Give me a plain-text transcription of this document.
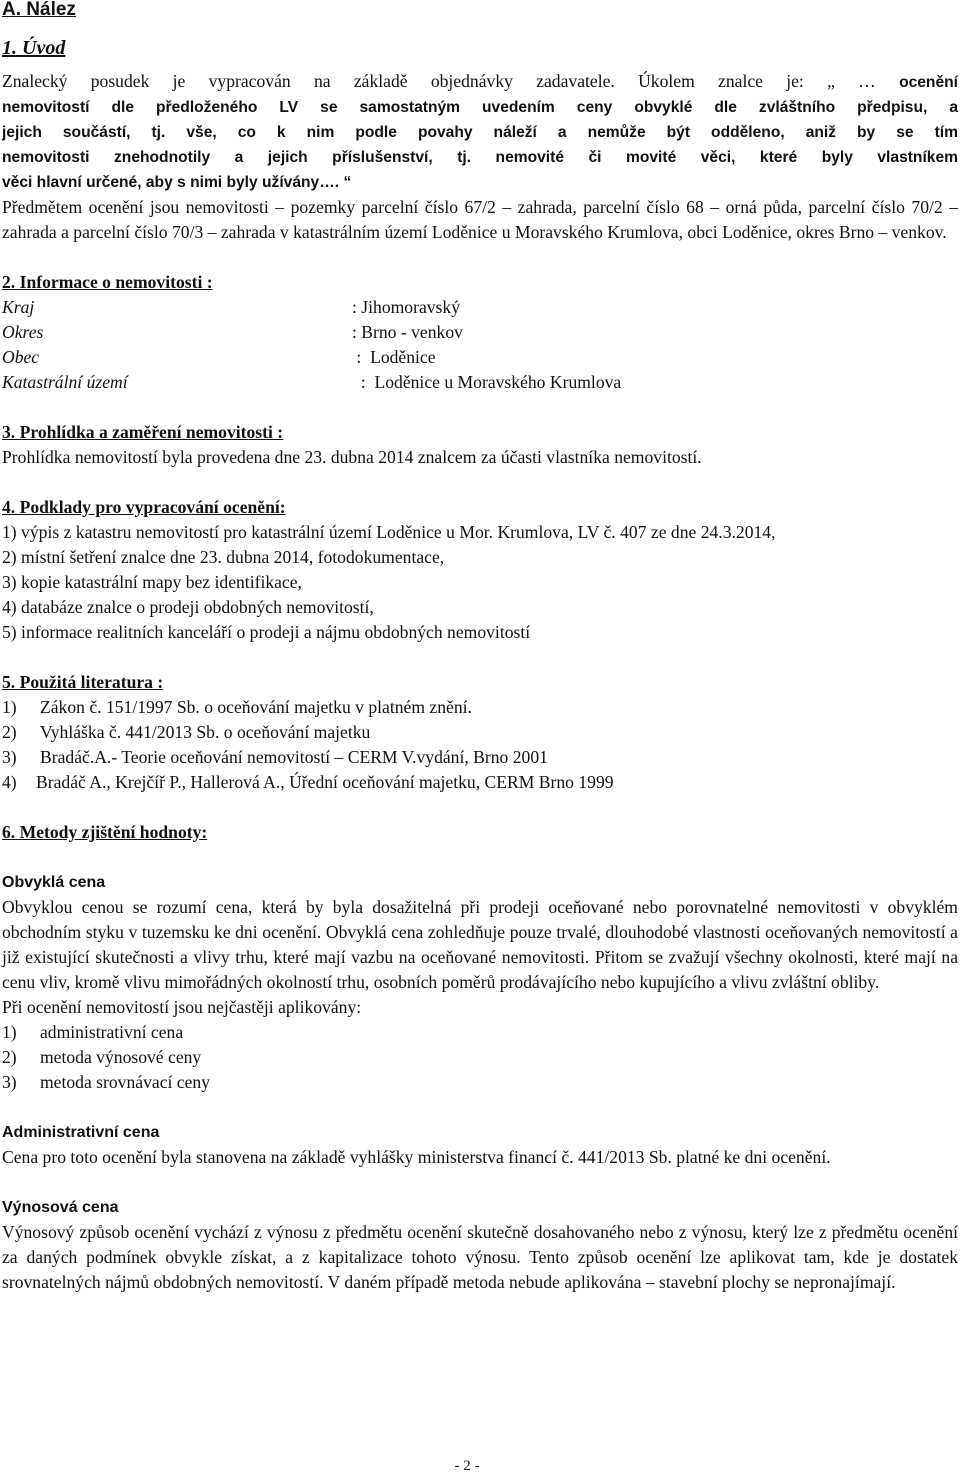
A. Nález

1. Úvod

Znalecký posudek je vypracován na základě objednávky zadavatele. Úkolem znalce je: „ … ocenění

nemovitostí dle předloženého LV se samostatným uvedením ceny obvyklé dle zvláštního předpisu, a

jejich součástí, tj. vše, co k nim podle povahy náleží a nemůže být odděleno, aniž by se tím

nemovitosti znehodnotily a jejich příslušenství, tj. nemovité či movité věci, které byly vlastníkem

věci hlavní určené, aby s nimi byly užívány…. “

Předmětem ocenění jsou nemovitosti – pozemky parcelní číslo 67/2 – zahrada, parcelní číslo 68 – orná půda, parcelní číslo 70/2 – zahrada a parcelní číslo 70/3 – zahrada v katastrálním území Loděnice u Moravského Krumlova, obci Loděnice, okres Brno – venkov.

2. Informace o nemovitosti :

Kraj	: Jihomoravský
Okres	: Brno - venkov
Obec	:  Loděnice
Katastrální území	:  Loděnice u Moravského Krumlova

3. Prohlídka a zaměření nemovitosti :

Prohlídka nemovitostí byla provedena dne 23. dubna 2014 znalcem za účasti vlastníka nemovitostí.

4. Podklady pro vypracování ocenění:

1) výpis z katastru nemovitostí pro katastrální území Loděnice u Mor. Krumlova, LV č. 407 ze dne 24.3.2014,

2) místní šetření znalce dne 23. dubna 2014, fotodokumentace,

3) kopie katastrální mapy bez identifikace,

4) databáze znalce o prodeji obdobných nemovitostí,

5) informace realitních kanceláří o prodeji a nájmu obdobných nemovitostí

5. Použitá literatura :

1)	Zákon č. 151/1997 Sb. o oceňování majetku v platném znění.
2)	Vyhláška č. 441/2013 Sb. o oceňování majetku
3)	Bradáč.A.- Teorie oceňování nemovitostí – CERM V.vydání, Brno 2001
4)	Bradáč A., Krejčíř P., Hallerová A., Úřední oceňování majetku, CERM Brno 1999

6. Metody zjištění hodnoty:

Obvyklá cena

Obvyklou cenou se rozumí cena, která by byla dosažitelná při prodeji oceňované nebo porovnatelné nemovitosti v obvyklém obchodním styku v tuzemsku ke dni ocenění. Obvyklá cena zohledňuje pouze trvalé, dlouhodobé vlastnosti oceňovaných nemovitostí a již existující skutečnosti a vlivy trhu, které mají vazbu na oceňované nemovitosti. Přitom se zvažují všechny okolnosti, které mají na cenu vliv, kromě vlivu mimořádných okolností trhu, osobních poměrů prodávajícího nebo kupujícího a vlivu zvláštní obliby.

Při ocenění nemovitostí jsou nejčastěji aplikovány:

1)	administrativní cena
2)	metoda výnosové ceny
3)	metoda srovnávací ceny

Administrativní cena

Cena pro toto ocenění byla stanovena na základě vyhlášky ministerstva financí č. 441/2013 Sb. platné ke dni ocenění.

Výnosová cena

Výnosový způsob ocenění vychází z výnosu z předmětu ocenění skutečně dosahovaného nebo z výnosu, který lze z předmětu ocenění za daných podmínek obvykle získat, a z kapitalizace tohoto výnosu. Tento způsob ocenění lze aplikovat tam, kde je dostatek srovnatelných nájmů obdobných nemovitostí. V daném případě metoda nebude aplikována – stavební plochy se nepronajímají.

- 2 -
